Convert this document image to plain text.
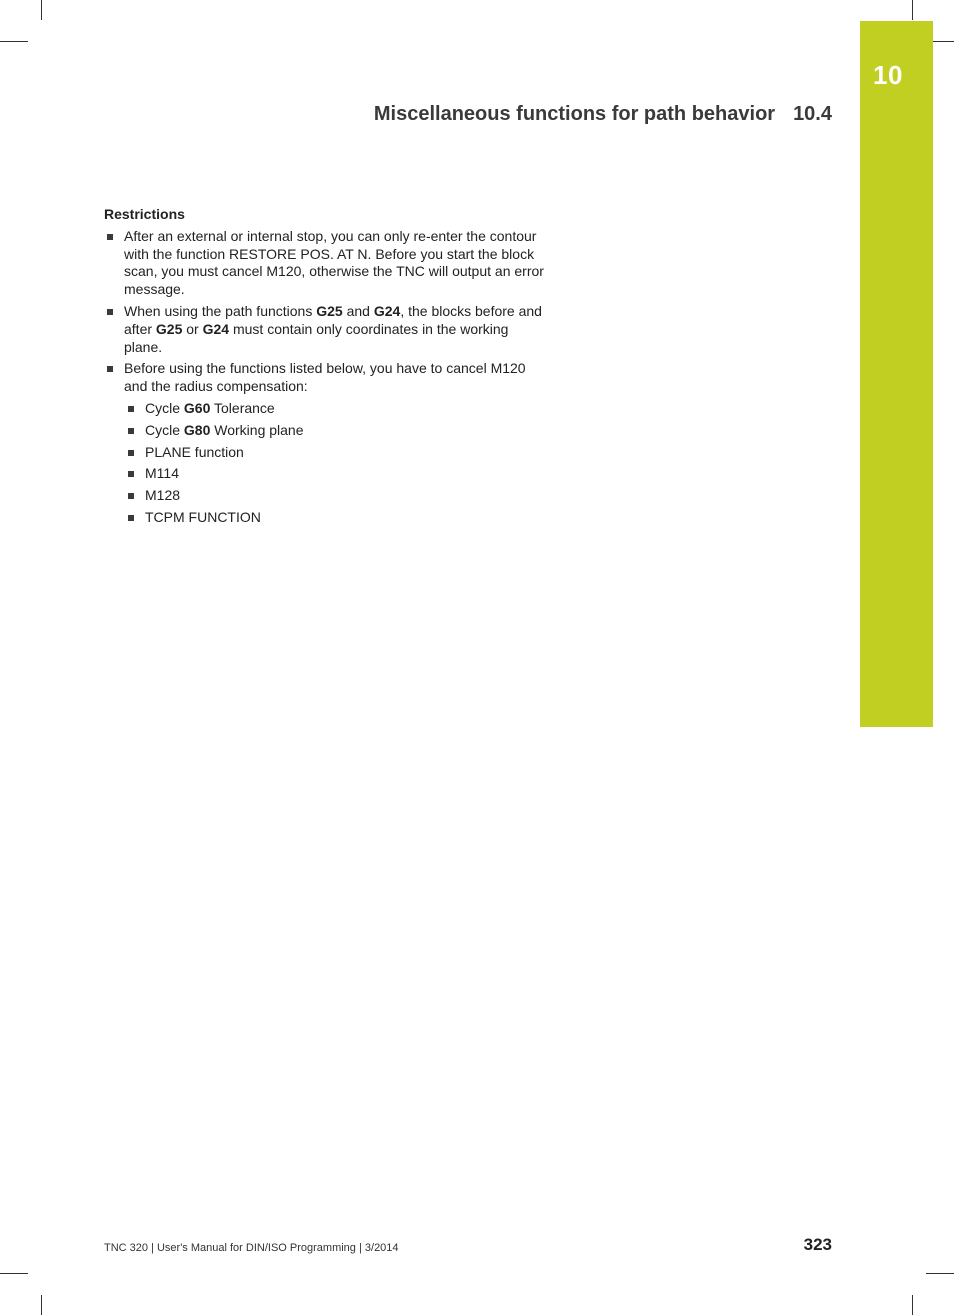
10
Miscellaneous functions for path behavior 10.4
Restrictions
After an external or internal stop, you can only re-enter the contour with the function RESTORE POS. AT N. Before you start the block scan, you must cancel M120, otherwise the TNC will output an error message.
When using the path functions G25 and G24, the blocks before and after G25 or G24 must contain only coordinates in the working plane.
Before using the functions listed below, you have to cancel M120 and the radius compensation:
Cycle G60 Tolerance
Cycle G80 Working plane
PLANE function
M114
M128
TCPM FUNCTION
TNC 320 | User's Manual for DIN/ISO Programming | 3/2014	323
